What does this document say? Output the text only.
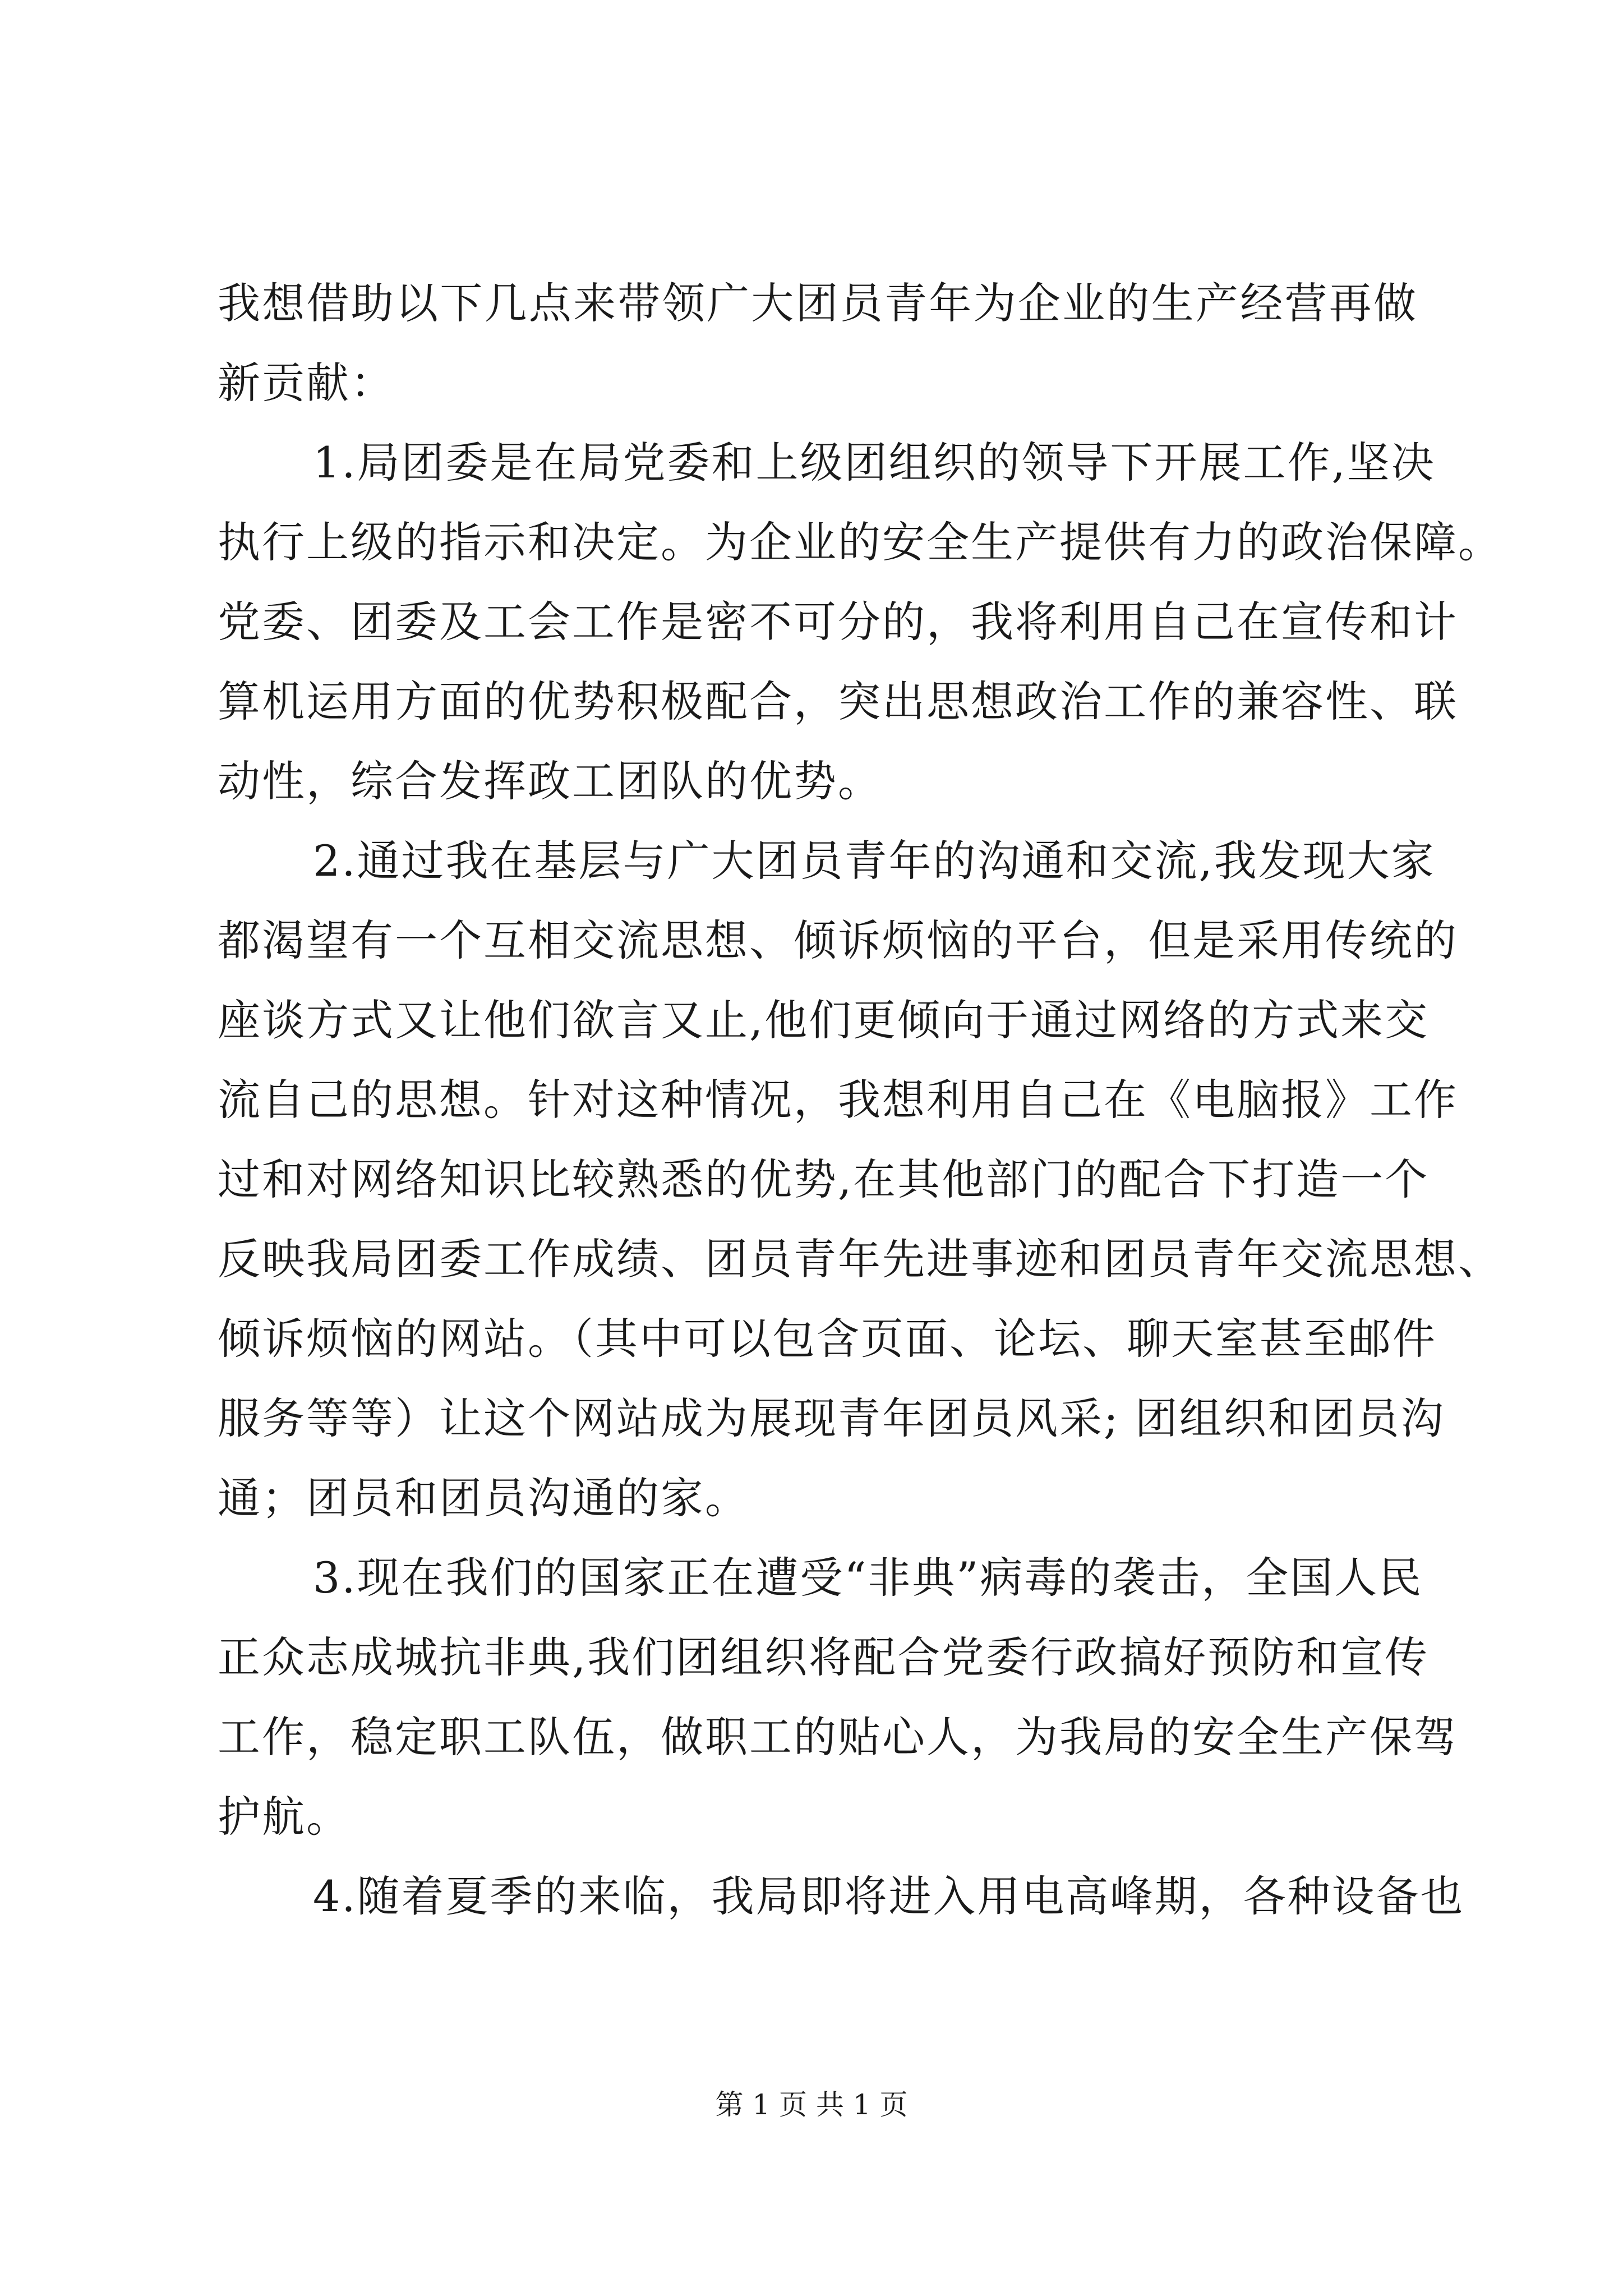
我想借助以下几点来带领广大团员青年为企业的生产经营再做
新贡献：
1.局团委是在局党委和上级团组织的领导下开展工作,坚决
执行上级的指示和决定。为企业的安全生产提供有力的政治保障。
党委、团委及工会工作是密不可分的，我将利用自己在宣传和计
算机运用方面的优势积极配合，突出思想政治工作的兼容性、联
动性，综合发挥政工团队的优势。
2.通过我在基层与广大团员青年的沟通和交流,我发现大家
都渴望有一个互相交流思想、倾诉烦恼的平台，但是采用传统的
座谈方式又让他们欲言又止,他们更倾向于通过网络的方式来交
流自己的思想。针对这种情况，我想利用自己在《电脑报》工作
过和对网络知识比较熟悉的优势,在其他部门的配合下打造一个
反映我局团委工作成绩、团员青年先进事迹和团员青年交流思想、
倾诉烦恼的网站。（其中可以包含页面、论坛、聊天室甚至邮件
服务等等）让这个网站成为展现青年团员风采; 团组织和团员沟
通；团员和团员沟通的家。
3.现在我们的国家正在遭受“非典”病毒的袭击，全国人民
正众志成城抗非典,我们团组织将配合党委行政搞好预防和宣传
工作，稳定职工队伍，做职工的贴心人，为我局的安全生产保驾
护航。
4.随着夏季的来临，我局即将进入用电高峰期，各种设备也
第 1 页 共 1 页
